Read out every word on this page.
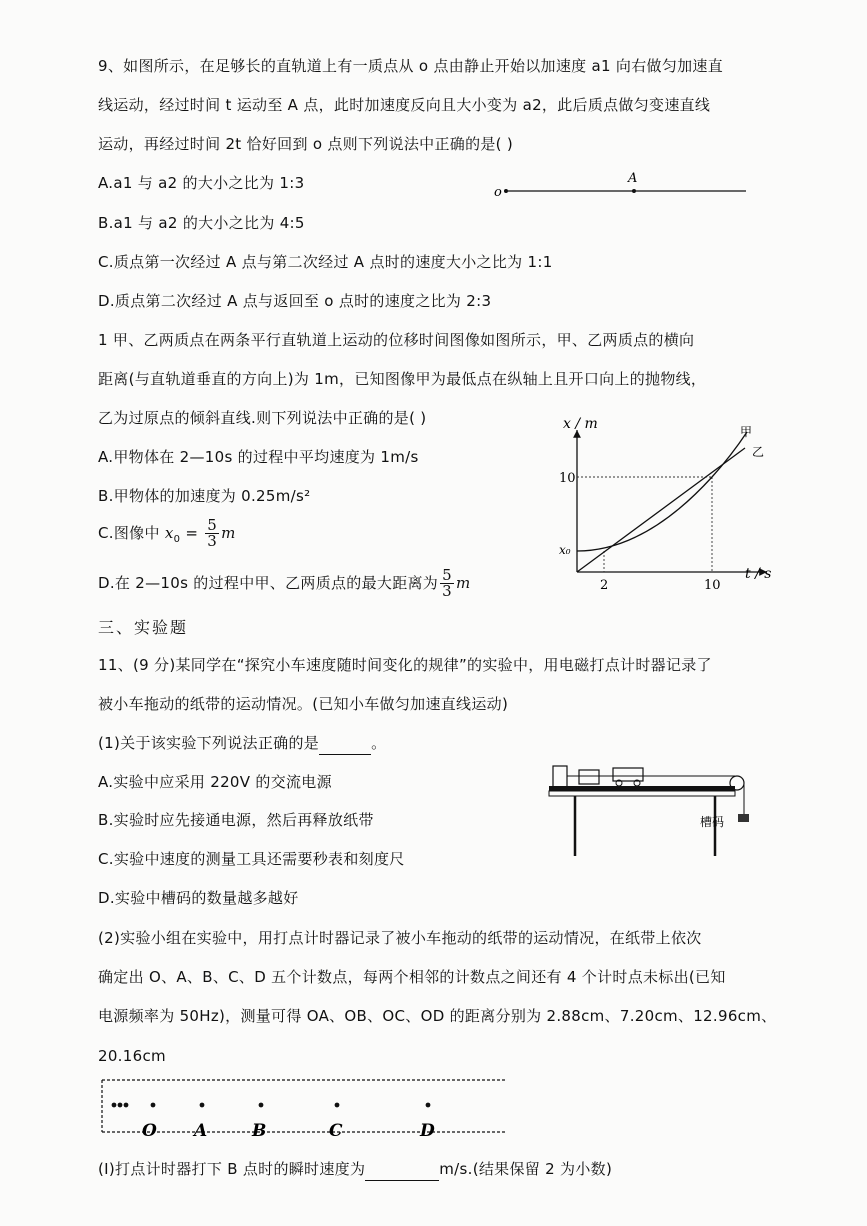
9、如图所示，在足够长的直轨道上有一质点从 o 点由静止开始以加速度 a1 向右做匀加速直
线运动，经过时间 t 运动至 A 点，此时加速度反向且大小变为 a2，此后质点做匀变速直线
运动，再经过时间 2t 恰好回到 o 点则下列说法中正确的是( )
A.a1 与 a2 的大小之比为 1:3
B.a1 与 a2 的大小之比为 4:5
C.质点第一次经过 A 点与第二次经过 A 点时的速度大小之比为 1:1
D.质点第二次经过 A 点与返回至 o 点时的速度之比为 2:3
o
A
1 甲、乙两质点在两条平行直轨道上运动的位移时间图像如图所示，甲、乙两质点的横向
距离(与直轨道垂直的方向上)为 1m，已知图像甲为最低点在纵轴上且开口向上的抛物线，
乙为过原点的倾斜直线.则下列说法中正确的是( )
A.甲物体在 2—10s 的过程中平均速度为 1m/s
B.甲物体的加速度为 0.25m/s²
C.图像中 $x_0 = \frac{5}{3}$ m
D.在 2—10s 的过程中甲、乙两质点的最大距离为 $\frac{5}{3}$ m
x / m
t / s
10
x₀
2	10
甲
乙
三、实验题
11、(9 分)某同学在“探究小车速度随时间变化的规律”的实验中，用电磁打点计时器记录了
被小车拖动的纸带的运动情况。(已知小车做匀加速直线运动)
(1)关于该实验下列说法正确的是	。
A.实验中应采用 220V 的交流电源
B.实验时应先接通电源，然后再释放纸带
C.实验中速度的测量工具还需要秒表和刻度尺
D.实验中槽码的数量越多越好
槽码
(2)实验小组在实验中，用打点计时器记录了被小车拖动的纸带的运动情况，在纸带上依次
确定出 O、A、B、C、D 五个计数点，每两个相邻的计数点之间还有 4 个计时点未标出(已知
电源频率为 50Hz)，测量可得 OA、OB、OC、OD 的距离分别为 2.88cm、7.20cm、12.96cm、
20.16cm
O A	B	C	D
(I)打点计时器打下 B 点时的瞬时速度为	m/s.(结果保留 2 为小数)
